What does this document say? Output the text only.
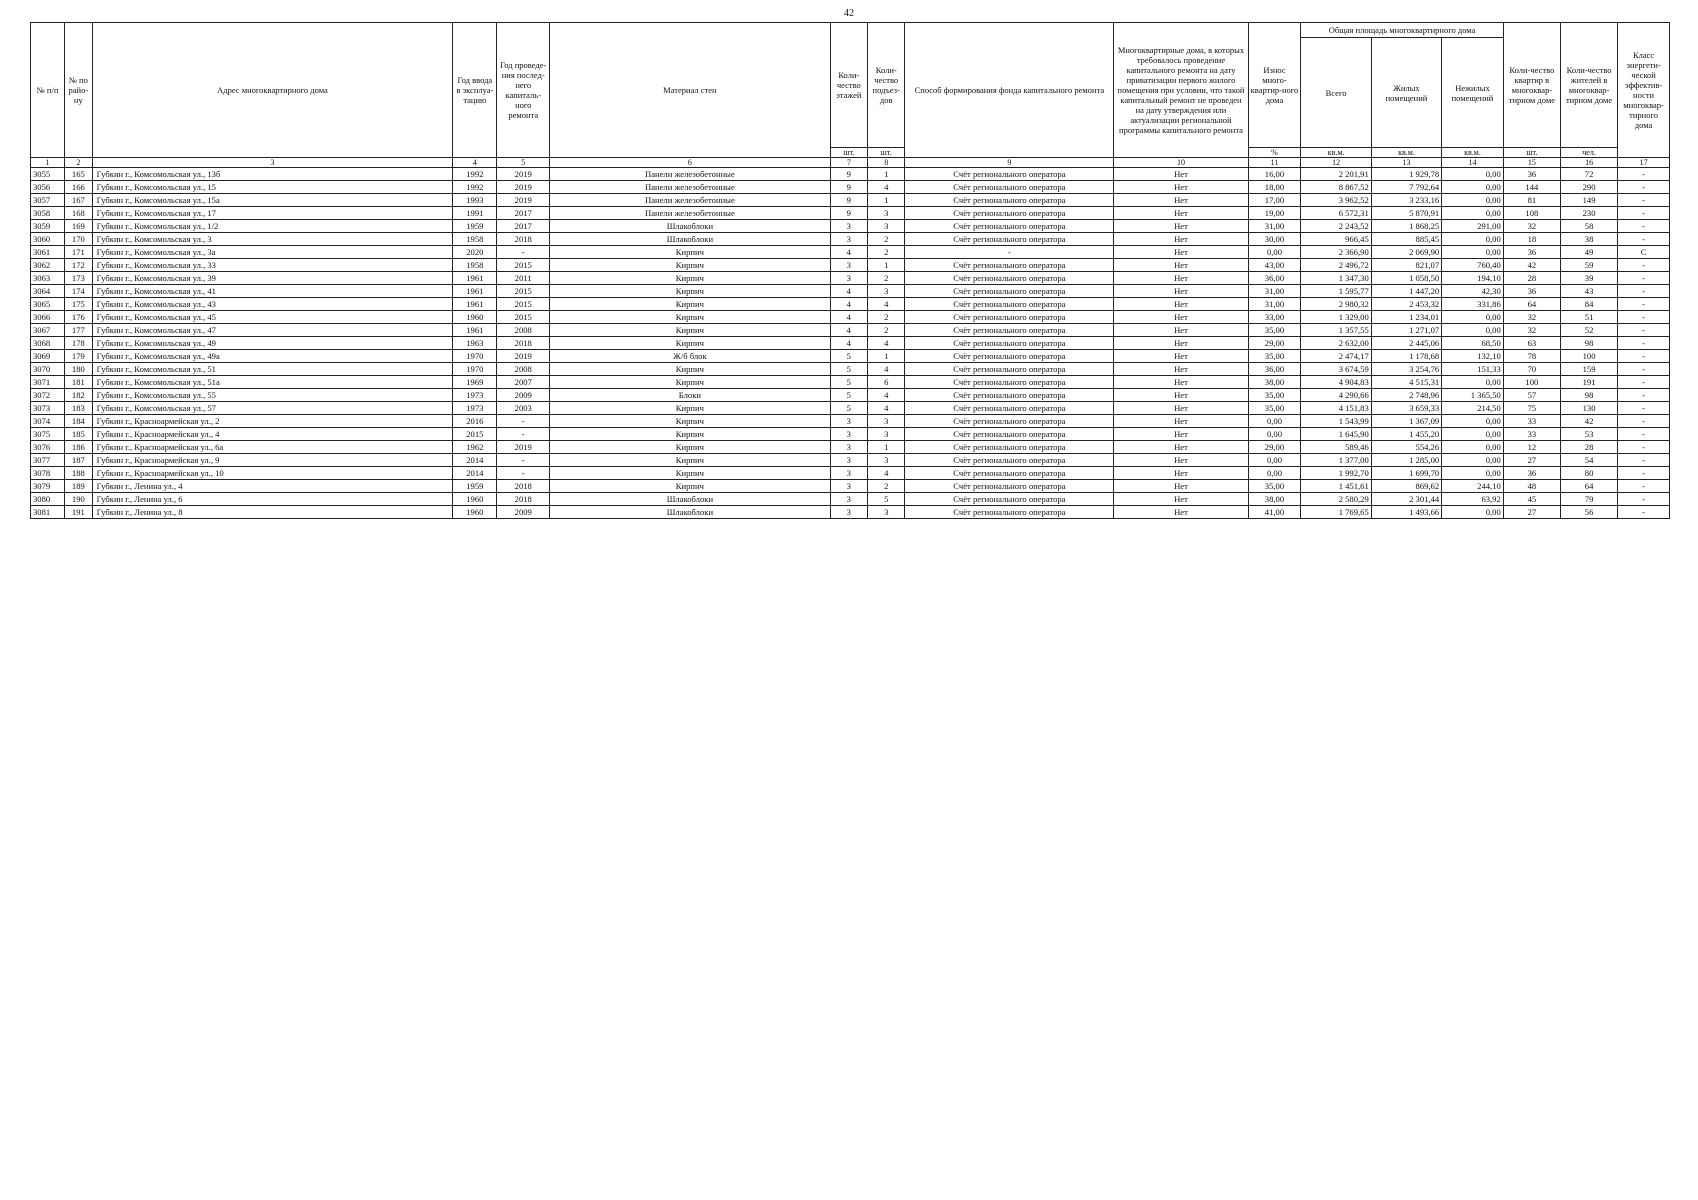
42
№ п/п	№ по райо-ну	Адрес многоквартирного дома	Год ввода в эксплуа-тацию	Год проведе-ния послед-него капиталь-ного ремонта	Материал стен	Коли-чество этажей	Коли-чество подъез-дов	Способ формирования фонда капитального ремонта	Многоквартирные дома, в которых требовалось проведение капитального ремонта на дату приватизации первого жилого помещения при условии, что такой капитальный ремонт не проведен на дату утверждения или актуализации региональной программы капитального ремонта	Износ много-квартир-ного дома	Общая площадь многоквартирного дома			Коли-чество квартир в многоквар-тирном доме	Коли-чество жителей в многоквар-тирном доме	Класс энергети-ческой эффектив-ности многоквар-тирного дома
											Всего	Жилых помещений	Нежилых помещений			
						шт.	шт.			%	кв.м.	кв.м.	кв.м.	шт.	чел.	
1	2	3	4	5	6	7	8	9	10	11	12	13	14	15	16	17
3055	165	Губкин г., Комсомольская ул., 13б	1992	2019	Панели железобетонные	9	1	Счёт регионального оператора	Нет	16,00	2 201,91	1 929,78	0,00	36	72	-
3056	166	Губкин г., Комсомольская ул., 15	1992	2019	Панели железобетонные	9	4	Счёт регионального оператора	Нет	18,00	8 867,52	7 792,64	0,00	144	290	-
3057	167	Губкин г., Комсомольская ул., 15а	1993	2019	Панели железобетонные	9	1	Счёт регионального оператора	Нет	17,00	3 962,52	3 233,16	0,00	81	149	-
3058	168	Губкин г., Комсомольская ул., 17	1991	2017	Панели железобетонные	9	3	Счёт регионального оператора	Нет	19,00	6 572,31	5 870,91	0,00	108	230	-
3059	169	Губкин г., Комсомольская ул., 1/2	1959	2017	Шлакоблоки	3	3	Счёт регионального оператора	Нет	31,00	2 243,52	1 868,25	291,00	32	58	-
3060	170	Губкин г., Комсомольская ул., 3	1958	2018	Шлакоблоки	3	2	Счёт регионального оператора	Нет	30,00	966,45	885,45	0,00	18	38	-
3061	171	Губкин г., Комсомольская ул., 3а	2020	-	Кирпич	4	2	-	Нет	0,00	2 366,90	2 069,90	0,00	36	49	C
3062	172	Губкин г., Комсомольская ул., 33	1958	2015	Кирпич	3	1	Счёт регионального оператора	Нет	43,00	2 496,72	821,07	760,40	42	59	-
3063	173	Губкин г., Комсомольская ул., 39	1961	2011	Кирпич	3	2	Счёт регионального оператора	Нет	36,00	1 347,30	1 058,50	194,10	28	39	-
3064	174	Губкин г., Комсомольская ул., 41	1961	2015	Кирпич	4	3	Счёт регионального оператора	Нет	31,00	1 595,77	1 447,20	42,30	36	43	-
3065	175	Губкин г., Комсомольская ул., 43	1961	2015	Кирпич	4	4	Счёт регионального оператора	Нет	31,00	2 980,32	2 453,32	331,86	64	84	-
3066	176	Губкин г., Комсомольская ул., 45	1960	2015	Кирпич	4	2	Счёт регионального оператора	Нет	33,00	1 329,00	1 234,01	0,00	32	51	-
3067	177	Губкин г., Комсомольская ул., 47	1961	2008	Кирпич	4	2	Счёт регионального оператора	Нет	35,00	1 357,55	1 271,07	0,00	32	52	-
3068	178	Губкин г., Комсомольская ул., 49	1963	2018	Кирпич	4	4	Счёт регионального оператора	Нет	29,00	2 632,00	2 445,06	68,50	63	98	-
3069	179	Губкин г., Комсомольская ул., 49а	1970	2019	Ж/б блок	5	1	Счёт регионального оператора	Нет	35,00	2 474,17	1 178,68	132,10	78	100	-
3070	180	Губкин г., Комсомольская ул., 51	1970	2008	Кирпич	5	4	Счёт регионального оператора	Нет	36,00	3 674,59	3 254,76	151,33	70	159	-
3071	181	Губкин г., Комсомольская ул., 51а	1969	2007	Кирпич	5	6	Счёт регионального оператора	Нет	38,00	4 904,83	4 515,31	0,00	100	191	-
3072	182	Губкин г., Комсомольская ул., 55	1973	2009	Блоки	5	4	Счёт регионального оператора	Нет	35,00	4 290,66	2 748,96	1 365,50	57	98	-
3073	183	Губкин г., Комсомольская ул., 57	1973	2003	Кирпич	5	4	Счёт регионального оператора	Нет	35,00	4 151,83	3 659,33	214,50	75	130	-
3074	184	Губкин г., Красноармейская ул., 2	2016	-	Кирпич	3	3	Счёт регионального оператора	Нет	0,00	1 543,99	1 367,09	0,00	33	42	-
3075	185	Губкин г., Красноармейская ул., 4	2015	-	Кирпич	3	3	Счёт регионального оператора	Нет	0,00	1 645,90	1 455,20	0,00	33	53	-
3076	186	Губкин г., Красноармейская ул., 6а	1962	2019	Кирпич	3	1	Счёт регионального оператора	Нет	29,00	589,46	554,26	0,00	12	28	-
3077	187	Губкин г., Красноармейская ул., 9	2014	-	Кирпич	3	3	Счёт регионального оператора	Нет	0,00	1 377,00	1 285,00	0,00	27	54	-
3078	188	Губкин г., Красноармейская ул., 10	2014	-	Кирпич	3	4	Счёт регионального оператора	Нет	0,00	1 992,70	1 699,70	0,00	36	80	-
3079	189	Губкин г., Ленина ул., 4	1959	2018	Кирпич	3	2	Счёт регионального оператора	Нет	35,00	1 451,61	869,62	244,10	48	64	-
3080	190	Губкин г., Ленина ул., 6	1960	2018	Шлакоблоки	3	5	Счёт регионального оператора	Нет	38,00	2 580,29	2 301,44	63,92	45	79	-
3081	191	Губкин г., Ленина ул., 8	1960	2009	Шлакоблоки	3	3	Счёт регионального оператора	Нет	41,00	1 769,65	1 493,66	0,00	27	56	-
